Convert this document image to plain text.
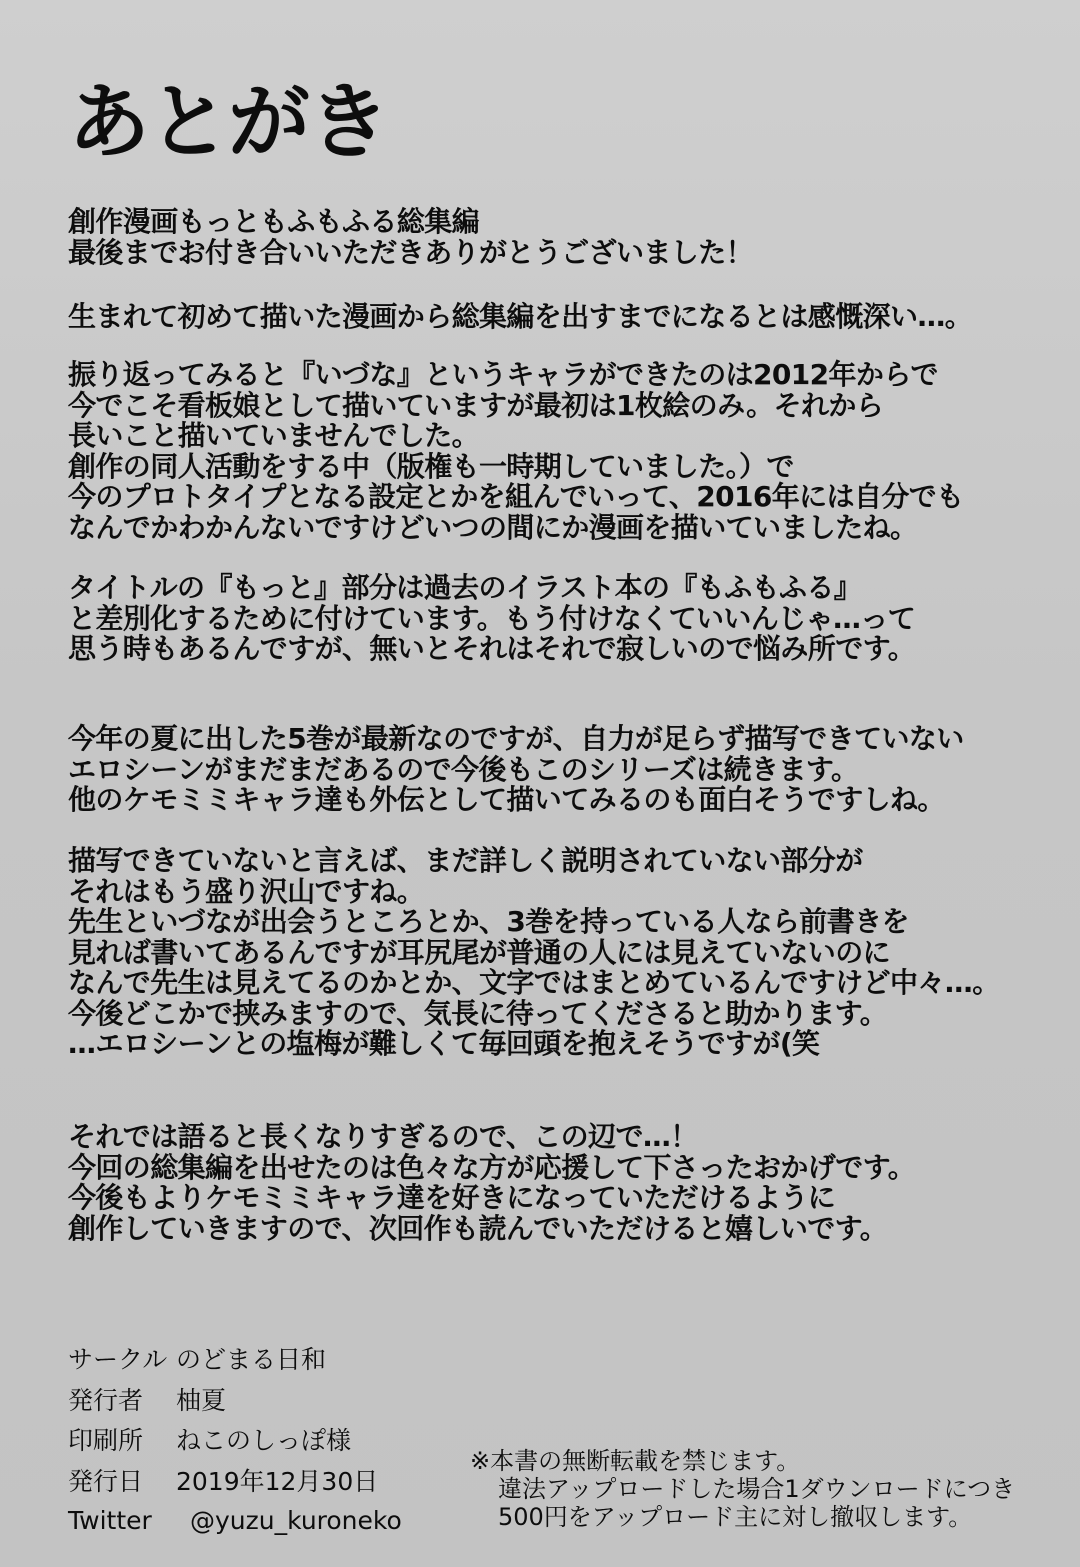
あとがき
創作漫画もっともふもふる総集編
最後までお付き合いいただきありがとうございました！
生まれて初めて描いた漫画から総集編を出すまでになるとは感慨深い…。
振り返ってみると『いづな』というキャラができたのは2012年からで
今でこそ看板娘として描いていますが最初は1枚絵のみ。それから
長いこと描いていませんでした。
創作の同人活動をする中（版権も一時期していました。）で
今のプロトタイプとなる設定とかを組んでいって、2016年には自分でも
なんでかわかんないですけどいつの間にか漫画を描いていましたね。
タイトルの『もっと』部分は過去のイラスト本の『もふもふる』
と差別化するために付けています。もう付けなくていいんじゃ…って
思う時もあるんですが、無いとそれはそれで寂しいので悩み所です。
今年の夏に出した5巻が最新なのですが、自力が足らず描写できていない
エロシーンがまだまだあるので今後もこのシリーズは続きます。
他のケモミミキャラ達も外伝として描いてみるのも面白そうですしね。
描写できていないと言えば、まだ詳しく説明されていない部分が
それはもう盛り沢山ですね。
先生といづなが出会うところとか、3巻を持っている人なら前書きを
見れば書いてあるんですが耳尻尾が普通の人には見えていないのに
なんで先生は見えてるのかとか、文字ではまとめているんですけど中々…。
今後どこかで挟みますので、気長に待ってくださると助かります。
…エロシーンとの塩梅が難しくて毎回頭を抱えそうですが(笑
それでは語ると長くなりすぎるので、この辺で…！
今回の総集編を出せたのは色々な方が応援して下さったおかげです。
今後もよりケモミミキャラ達を好きになっていただけるように
創作していきますので、次回作も読んでいただけると嬉しいです。
サークル のどまる日和
発行者	柚夏
印刷所	ねこのしっぽ様
発行日	2019年12月30日
Twitter	@yuzu_kuroneko
※本書の無断転載を禁じます。
違法アップロードした場合1ダウンロードにつき
500円をアップロード主に対し撤収します。
